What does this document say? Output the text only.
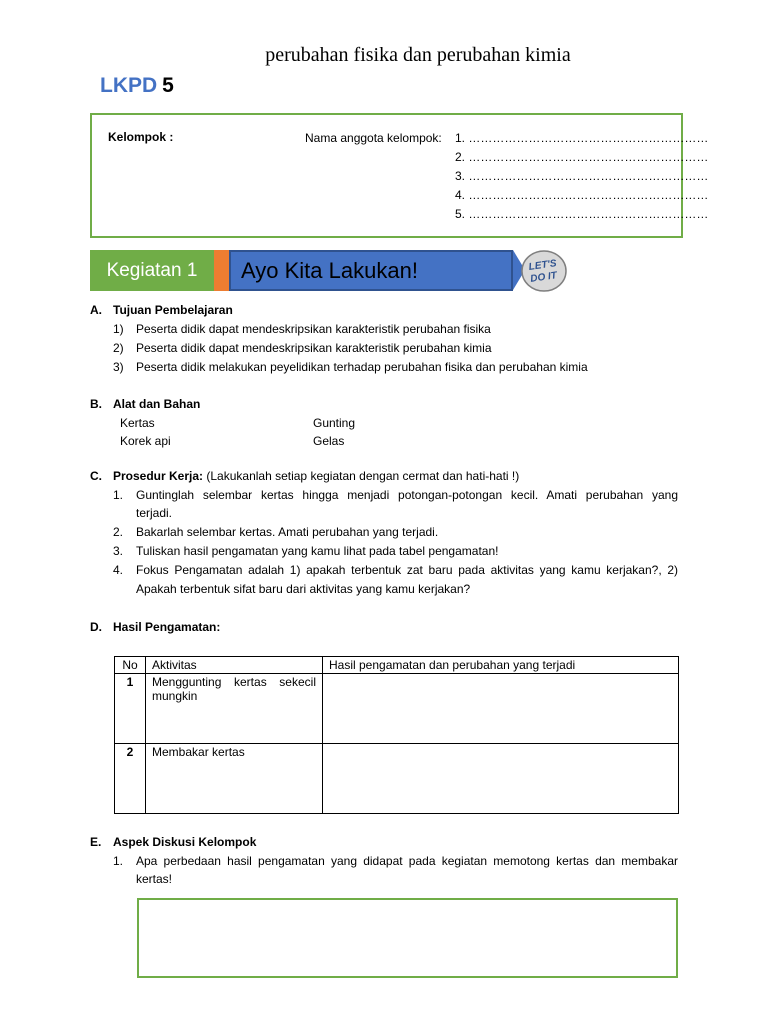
perubahan fisika dan perubahan kimia
LKPD 5
Kelompok :	Nama anggota kelompok: 1. ……………………………………………………
2. ……………………………………………………
3. ……………………………………………………
4. ……………………………………………………
5. ……………………………………………………
Kegiatan 1	Ayo Kita Lakukan!	LET'S
DO IT
A. Tujuan Pembelajaran
1) Peserta didik dapat mendeskripsikan karakteristik perubahan fisika
2) Peserta didik dapat mendeskripsikan karakteristik perubahan kimia
3) Peserta didik melakukan peyelidikan terhadap perubahan fisika dan perubahan kimia
B. Alat dan Bahan
Kertas
Korek api
Gunting
Gelas
C. Prosedur Kerja: (Lakukanlah setiap kegiatan dengan cermat dan hati-hati !)
1. Guntinglah selembar kertas hingga menjadi potongan-potongan kecil. Amati perubahan yang
terjadi.
2. Bakarlah selembar kertas. Amati perubahan yang terjadi.
3. Tuliskan hasil pengamatan yang kamu lihat pada tabel pengamatan!
4. Fokus Pengamatan adalah 1) apakah terbentuk zat baru pada aktivitas yang kamu kerjakan?, 2)
Apakah terbentuk sifat baru dari aktivitas yang kamu kerjakan?
D. Hasil Pengamatan:
No	Aktivitas	Hasil pengamatan dan perubahan yang terjadi
1	Menggunting kertas sekecil
mungkin	

2	Membakar kertas	

E. Aspek Diskusi Kelompok
1. Apa perbedaan hasil pengamatan yang didapat pada kegiatan memotong kertas dan membakar
kertas!
